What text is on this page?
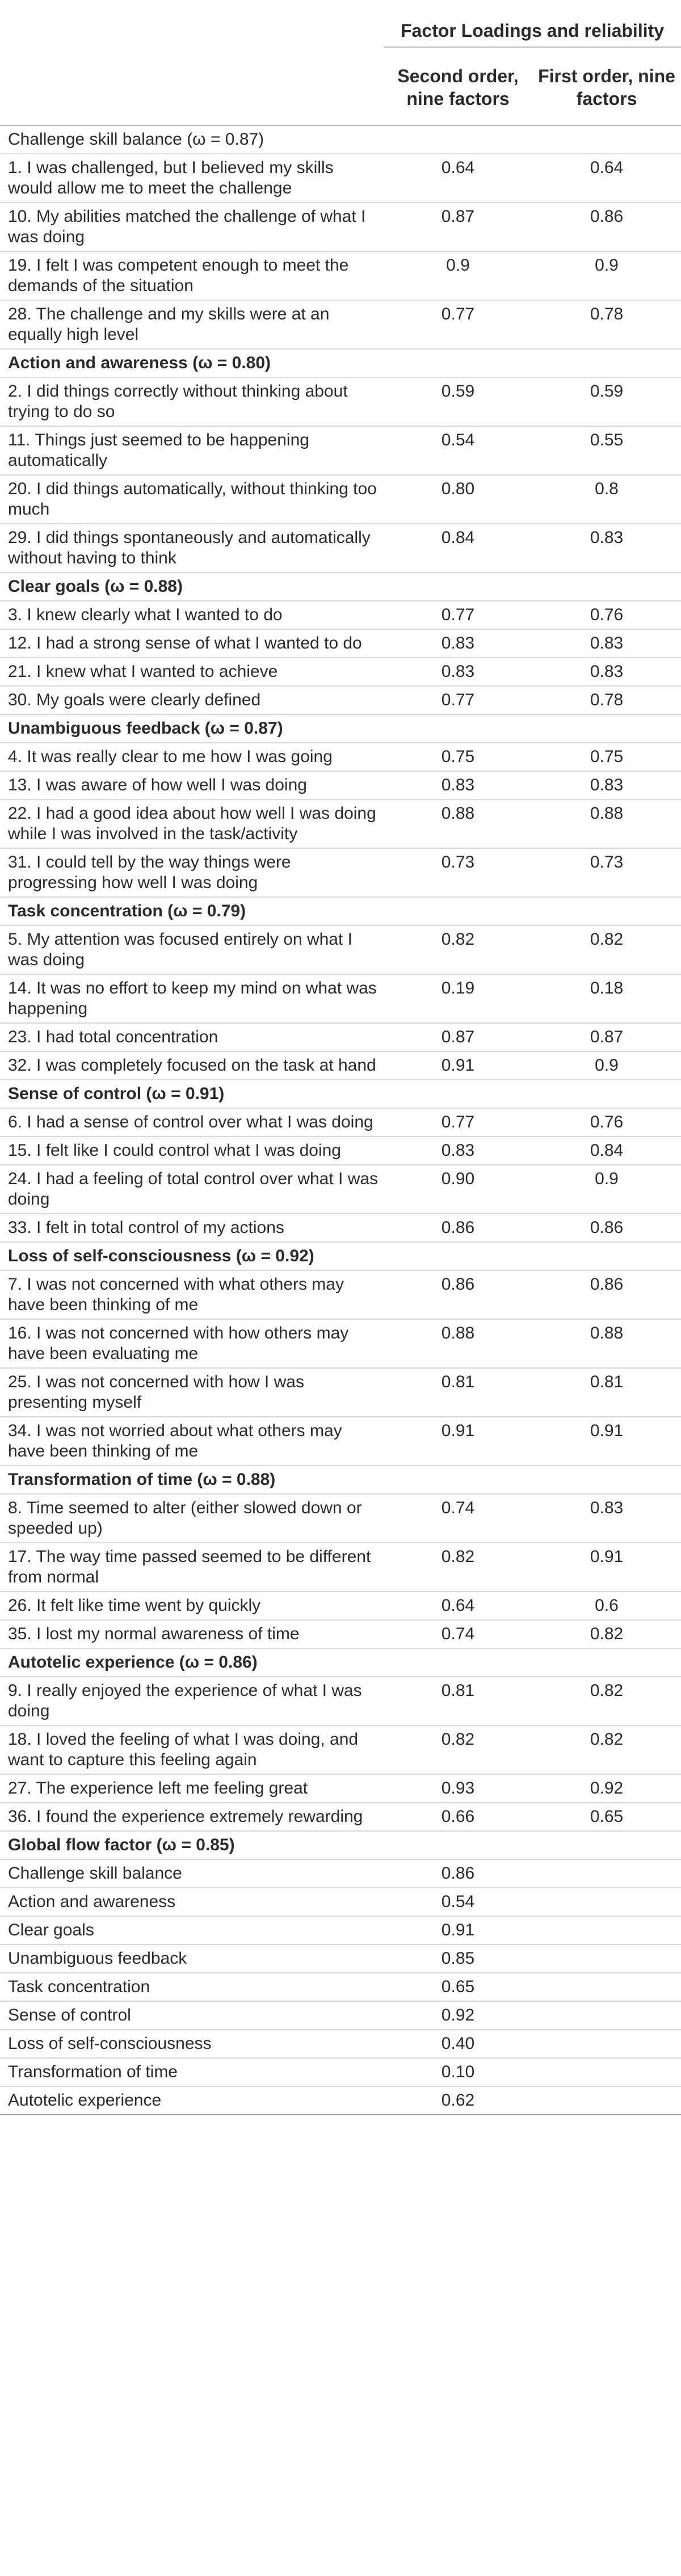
	Factor Loadings and reliability	
	Second order, nine factors	First order, nine factors
Challenge skill balance (ω = 0.87)		
1. I was challenged, but I believed my skills would allow me to meet the challenge	0.64	0.64
10. My abilities matched the challenge of what I was doing	0.87	0.86
19. I felt I was competent enough to meet the demands of the situation	0.9	0.9
28. The challenge and my skills were at an equally high level	0.77	0.78
Action and awareness (ω = 0.80)		
2. I did things correctly without thinking about trying to do so	0.59	0.59
11. Things just seemed to be happening automatically	0.54	0.55
20. I did things automatically, without thinking too much	0.80	0.8
29. I did things spontaneously and automatically without having to think	0.84	0.83
Clear goals (ω = 0.88)		
3. I knew clearly what I wanted to do	0.77	0.76
12. I had a strong sense of what I wanted to do	0.83	0.83
21. I knew what I wanted to achieve	0.83	0.83
30. My goals were clearly defined	0.77	0.78
Unambiguous feedback (ω = 0.87)		
4. It was really clear to me how I was going	0.75	0.75
13. I was aware of how well I was doing	0.83	0.83
22. I had a good idea about how well I was doing while I was involved in the task/activity	0.88	0.88
31. I could tell by the way things were progressing how well I was doing	0.73	0.73
Task concentration (ω = 0.79)		
5. My attention was focused entirely on what I was doing	0.82	0.82
14. It was no effort to keep my mind on what was happening	0.19	0.18
23. I had total concentration	0.87	0.87
32. I was completely focused on the task at hand	0.91	0.9
Sense of control (ω = 0.91)		
6. I had a sense of control over what I was doing	0.77	0.76
15. I felt like I could control what I was doing	0.83	0.84
24. I had a feeling of total control over what I was doing	0.90	0.9
33. I felt in total control of my actions	0.86	0.86
Loss of self-consciousness (ω = 0.92)		
7. I was not concerned with what others may have been thinking of me	0.86	0.86
16. I was not concerned with how others may have been evaluating me	0.88	0.88
25. I was not concerned with how I was presenting myself	0.81	0.81
34. I was not worried about what others may have been thinking of me	0.91	0.91
Transformation of time (ω = 0.88)		
8. Time seemed to alter (either slowed down or speeded up)	0.74	0.83
17. The way time passed seemed to be different from normal	0.82	0.91
26. It felt like time went by quickly	0.64	0.6
35. I lost my normal awareness of time	0.74	0.82
Autotelic experience (ω = 0.86)		
9. I really enjoyed the experience of what I was doing	0.81	0.82
18. I loved the feeling of what I was doing, and want to capture this feeling again	0.82	0.82
27. The experience left me feeling great	0.93	0.92
36. I found the experience extremely rewarding	0.66	0.65
Global flow factor (ω = 0.85)		
Challenge skill balance	0.86	
Action and awareness	0.54	
Clear goals	0.91	
Unambiguous feedback	0.85	
Task concentration	0.65	
Sense of control	0.92	
Loss of self-consciousness	0.40	
Transformation of time	0.10	
Autotelic experience	0.62	
